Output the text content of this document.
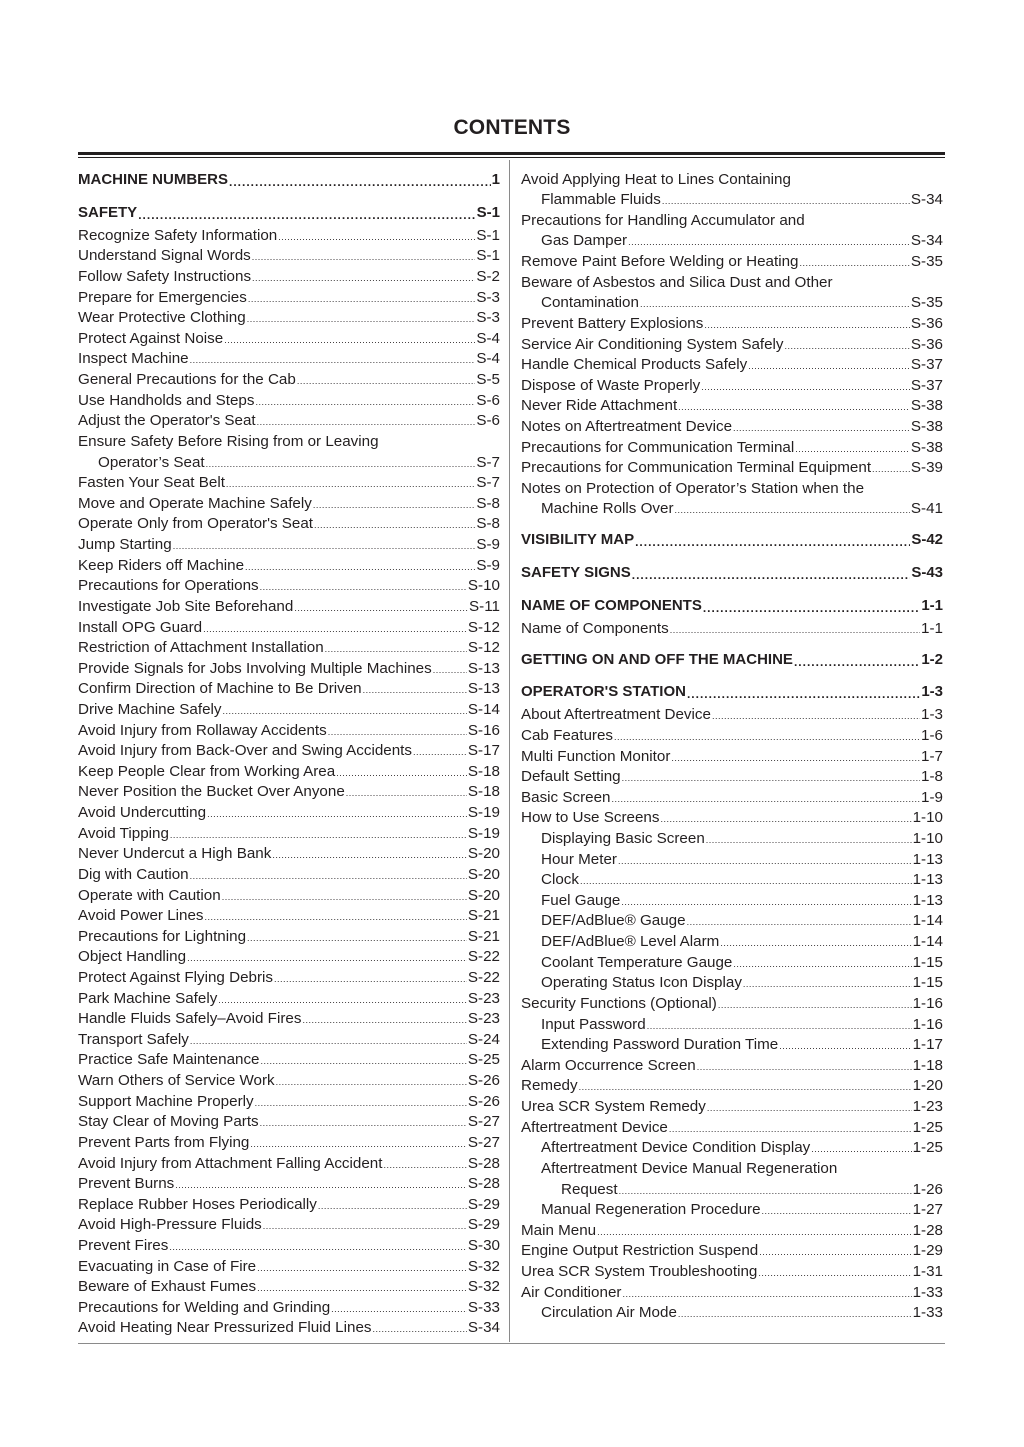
CONTENTS
MACHINE NUMBERS .....	1
SAFETY .....	S-1
Recognize Safety Information .....	S-1
Understand Signal Words .....	S-1
Follow Safety Instructions .....	S-2
Prepare for Emergencies .....	S-3
Wear Protective Clothing .....	S-3
Protect Against Noise .....	S-4
Inspect Machine .....	S-4
General Precautions for the Cab .....	S-5
Use Handholds and Steps .....	S-6
Adjust the Operator's Seat .....	S-6
Ensure Safety Before Rising from or Leaving
Operator’s Seat .....	S-7
Fasten Your Seat Belt .....	S-7
Move and Operate Machine Safely .....	S-8
Operate Only from Operator's Seat .....	S-8
Jump Starting .....	S-9
Keep Riders off Machine .....	S-9
Precautions for Operations .....	S-10
Investigate Job Site Beforehand .....	S-11
Install OPG Guard .....	S-12
Restriction of Attachment Installation .....	S-12
Provide Signals for Jobs Involving Multiple Machines ..... S-13
Confirm Direction of Machine to Be Driven .....	S-13
Drive Machine Safely .....	S-14
Avoid Injury from Rollaway Accidents .....	S-16
Avoid Injury from Back-Over and Swing Accidents .....	S-17
Keep People Clear from Working Area .....	S-18
Never Position the Bucket Over Anyone .....	S-18
Avoid Undercutting .....	S-19
Avoid Tipping .....	S-19
Never Undercut a High Bank .....	S-20
Dig with Caution .....	S-20
Operate with Caution .....	S-20
Avoid Power Lines .....	S-21
Precautions for Lightning .....	S-21
Object Handling .....	S-22
Protect Against Flying Debris .....	S-22
Park Machine Safely .....	S-23
Handle Fluids Safely–Avoid Fires .....	S-23
Transport Safely .....	S-24
Practice Safe Maintenance .....	S-25
Warn Others of Service Work .....	S-26
Support Machine Properly .....	S-26
Stay Clear of Moving Parts .....	S-27
Prevent Parts from Flying .....	S-27
Avoid Injury from Attachment Falling Accident .....	S-28
Prevent Burns .....	S-28
Replace Rubber Hoses Periodically .....	S-29
Avoid High-Pressure Fluids .....	S-29
Prevent Fires .....	S-30
Evacuating in Case of Fire .....	S-32
Beware of Exhaust Fumes .....	S-32
Precautions for Welding and Grinding .....	S-33
Avoid Heating Near Pressurized Fluid Lines .....	S-34
Avoid Applying Heat to Lines Containing
Flammable Fluids .....	S-34
Precautions for Handling Accumulator and
Gas Damper .....	S-34
Remove Paint Before Welding or Heating .....	S-35
Beware of Asbestos and Silica Dust and Other
Contamination .....	S-35
Prevent Battery Explosions .....	S-36
Service Air Conditioning System Safely .....	S-36
Handle Chemical Products Safely .....	S-37
Dispose of Waste Properly .....	S-37
Never Ride Attachment .....	S-38
Notes on Aftertreatment Device .....	S-38
Precautions for Communication Terminal .....	S-38
Precautions for Communication Terminal Equipment .....	S-39
Notes on Protection of Operator’s Station when the
Machine Rolls Over .....	S-41
VISIBILITY MAP .....	S-42
SAFETY SIGNS .....	S-43
NAME OF COMPONENTS .....	1-1
Name of Components .....	1-1
GETTING ON AND OFF THE MACHINE .....	1-2
OPERATOR'S STATION .....	1-3
About Aftertreatment Device .....	1-3
Cab Features .....	1-6
Multi Function Monitor .....	1-7
Default Setting .....	1-8
Basic Screen .....	1-9
How to Use Screens .....	1-10
Displaying Basic Screen .....	1-10
Hour Meter .....	1-13
Clock .....	1-13
Fuel Gauge .....	1-13
DEF/AdBlue® Gauge .....	1-14
DEF/AdBlue® Level Alarm .....	1-14
Coolant Temperature Gauge .....	1-15
Operating Status Icon Display .....	1-15
Security Functions (Optional) .....	1-16
Input Password .....	1-16
Extending Password Duration Time .....	1-17
Alarm Occurrence Screen .....	1-18
Remedy .....	1-20
Urea SCR System Remedy .....	1-23
Aftertreatment Device .....	1-25
Aftertreatment Device Condition Display .....	1-25
Aftertreatment Device Manual Regeneration
Request .....	1-26
Manual Regeneration Procedure .....	1-27
Main Menu .....	1-28
Engine Output Restriction Suspend .....	1-29
Urea SCR System Troubleshooting .....	1-31
Air Conditioner .....	1-33
Circulation Air Mode .....	1-33
